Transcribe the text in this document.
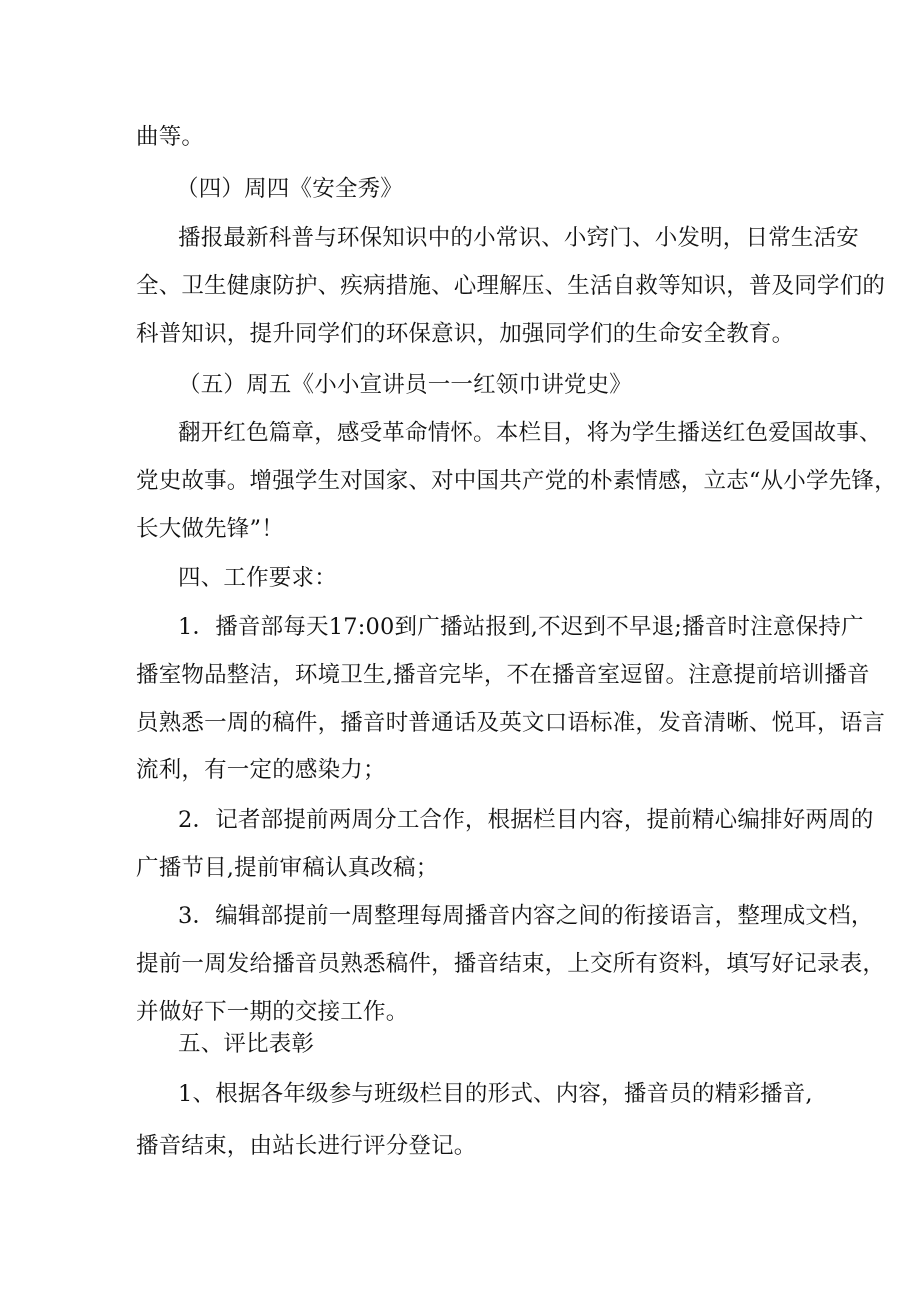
曲等。
（四）周四《安全秀》
播报最新科普与环保知识中的小常识、小窍门、小发明，日常生活安
全、卫生健康防护、疾病措施、心理解压、生活自救等知识，普及同学们的
科普知识，提升同学们的环保意识，加强同学们的生命安全教育。
（五）周五《小小宣讲员一一红领巾讲党史》
翻开红色篇章，感受革命情怀。本栏目，将为学生播送红色爱国故事、
党史故事。增强学生对国家、对中国共产党的朴素情感，立志“从小学先锋，
长大做先锋”！
四、工作要求：
1．播音部每天17:00到广播站报到,不迟到不早退;播音时注意保持广
播室物品整洁，环境卫生,播音完毕，不在播音室逗留。注意提前培训播音
员熟悉一周的稿件，播音时普通话及英文口语标准，发音清晰、悦耳，语言
流利，有一定的感染力；
2．记者部提前两周分工合作，根据栏目内容，提前精心编排好两周的
广播节目,提前审稿认真改稿；
3．编辑部提前一周整理每周播音内容之间的衔接语言，整理成文档，
提前一周发给播音员熟悉稿件，播音结束，上交所有资料，填写好记录表，
并做好下一期的交接工作。
五、评比表彰
1、根据各年级参与班级栏目的形式、内容，播音员的精彩播音,
播音结束，由站长进行评分登记。
